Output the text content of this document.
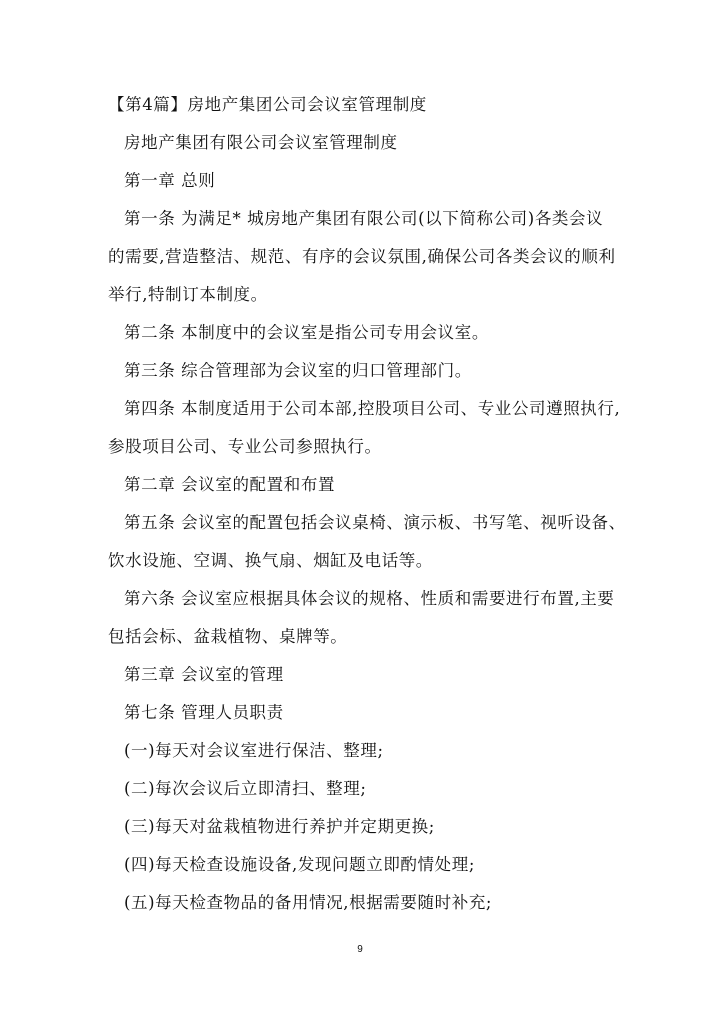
【第4篇】房地产集团公司会议室管理制度
房地产集团有限公司会议室管理制度
第一章 总则
第一条 为满足* 城房地产集团有限公司(以下简称公司)各类会议
的需要,营造整洁、规范、有序的会议氛围,确保公司各类会议的顺利
举行,特制订本制度。
第二条 本制度中的会议室是指公司专用会议室。
第三条 综合管理部为会议室的归口管理部门。
第四条 本制度适用于公司本部,控股项目公司、专业公司遵照执行,
参股项目公司、专业公司参照执行。
第二章 会议室的配置和布置
第五条 会议室的配置包括会议桌椅、演示板、书写笔、视听设备、
饮水设施、空调、换气扇、烟缸及电话等。
第六条 会议室应根据具体会议的规格、性质和需要进行布置,主要
包括会标、盆栽植物、桌牌等。
第三章 会议室的管理
第七条 管理人员职责
(一)每天对会议室进行保洁、整理;
(二)每次会议后立即清扫、整理;
(三)每天对盆栽植物进行养护并定期更换;
(四)每天检查设施设备,发现问题立即酌情处理;
(五)每天检查物品的备用情况,根据需要随时补充;
9
